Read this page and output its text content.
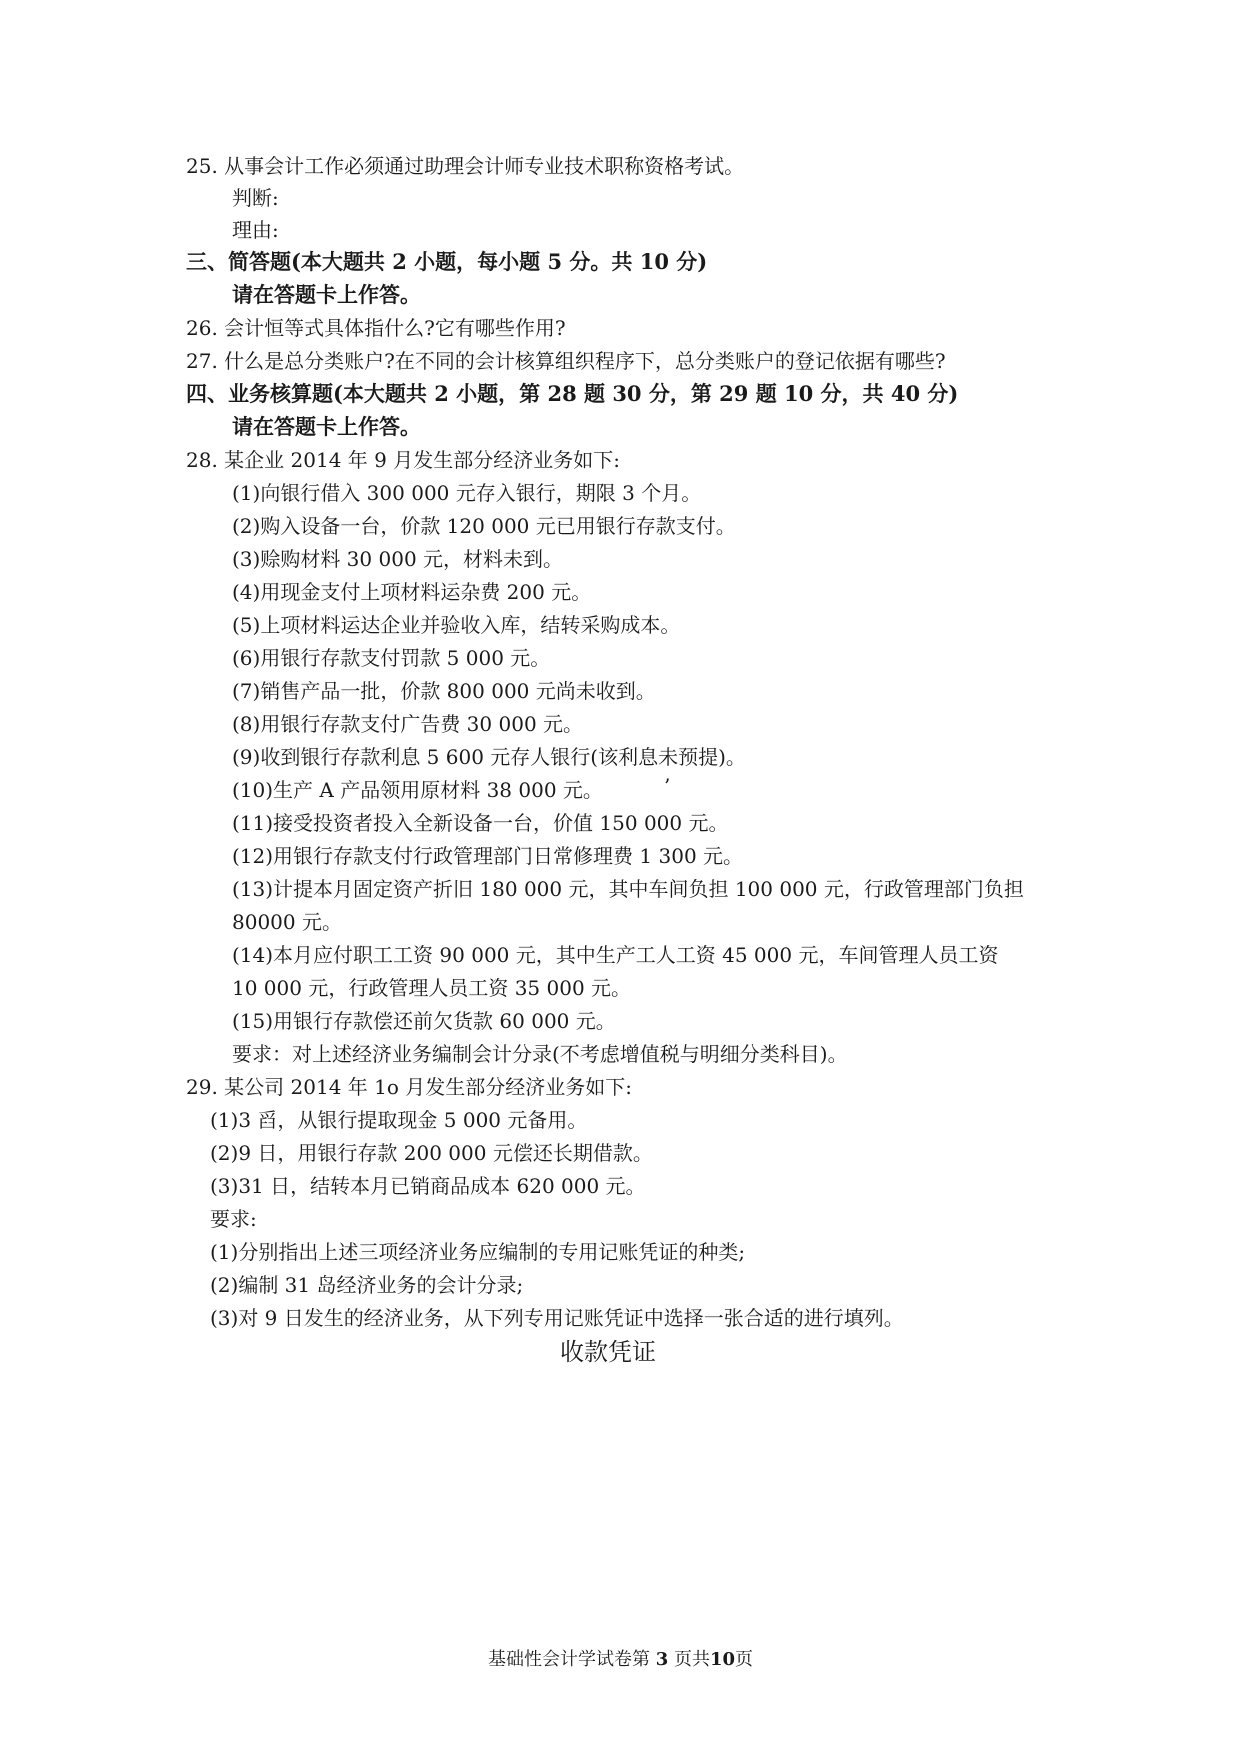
25. 从事会计工作必须通过助理会计师专业技术职称资格考试。
判断:
理由:
三、简答题(本大题共 2 小题，每小题 5 分。共 10 分)
请在答题卡上作答。
26. 会计恒等式具体指什么?它有哪些作用?
27. 什么是总分类账户?在不同的会计核算组织程序下，总分类账户的登记依据有哪些?
四、业务核算题(本大题共 2 小题，第 28 题 30 分，第 29 题 10 分，共 40 分)
请在答题卡上作答。
28. 某企业 2014 年 9 月发生部分经济业务如下:
(1)向银行借入 300 000 元存入银行，期限 3 个月。
(2)购入设备一台，价款 120 000 元已用银行存款支付。
(3)赊购材料 30 000 元，材料未到。
(4)用现金支付上项材料运杂费 200 元。
(5)上项材料运达企业并验收入库，结转采购成本。
(6)用银行存款支付罚款 5 000 元。
(7)销售产品一批，价款 800 000 元尚未收到。
(8)用银行存款支付广告费 30 000 元。
(9)收到银行存款利息 5 600 元存人银行(该利息未预提)。
(10)生产 A 产品领用原材料 38 000 元。	’
(11)接受投资者投入全新设备一台，价值 150 000 元。
(12)用银行存款支付行政管理部门日常修理费 1 300 元。
(13)计提本月固定资产折旧 180 000 元，其中车间负担 100 000 元，行政管理部门负担
80000 元。
(14)本月应付职工工资 90 000 元，其中生产工人工资 45 000 元，车间管理人员工资
10 000 元，行政管理人员工资 35 000 元。
(15)用银行存款偿还前欠货款 60 000 元。
要求：对上述经济业务编制会计分录(不考虑增值税与明细分类科目)。
29. 某公司 2014 年 1o 月发生部分经济业务如下:
(1)3 舀，从银行提取现金 5 000 元备用。
(2)9 日，用银行存款 200 000 元偿还长期借款。
(3)31 日，结转本月已销商品成本 620 000 元。
要求:
(1)分别指出上述三项经济业务应编制的专用记账凭证的种类;
(2)编制 31 岛经济业务的会计分录;
(3)对 9 日发生的经济业务，从下列专用记账凭证中选择一张合适的进行填列。
收款凭证
基础性会计学试卷第 3 页共10页
